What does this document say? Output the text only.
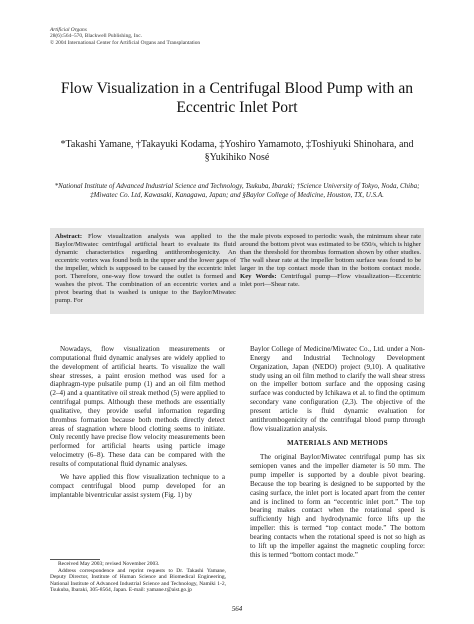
Artificial Organs
28(6):564–570, Blackwell Publishing, Inc.
© 2004 International Center for Artificial Organs and Transplantation
Flow Visualization in a Centrifugal Blood Pump with an Eccentric Inlet Port
*Takashi Yamane, †Takayuki Kodama, ‡Yoshiro Yamamoto, ‡Toshiyuki Shinohara, and §Yukihiko Nosé
*National Institute of Advanced Industrial Science and Technology, Tsukuba, Ibaraki; †Science University of Tokyo, Noda, Chiba; ‡Miwatec Co. Ltd, Kawasaki, Kanagawa, Japan; and §Baylor College of Medicine, Houston, TX, U.S.A.
Abstract: Flow visualization analysis was applied to the Baylor/Miwatec centrifugal artificial heart to evaluate its fluid dynamic characteristics regarding antithrombogenicity. An eccentric vortex was found both in the upper and the lower gaps of the impeller, which is supposed to be caused by the eccentric inlet port. Therefore, one-way flow toward the outlet is formed and washes the pivot. The combination of an eccentric vortex and a pivot bearing that is washed is unique to the Baylor/Miwatec pump. For
the male pivots exposed to periodic wash, the minimum shear rate around the bottom pivot was estimated to be 650/s, which is higher than the threshold for thrombus formation shown by other studies. The wall shear rate at the impeller bottom surface was found to be larger in the top contact mode than in the bottom contact mode. Key Words: Centrifugal pump—Flow visualization—Eccentric inlet port—Shear rate.

Nowadays, flow visualization measurements or computational fluid dynamic analyses are widely applied to the development of artificial hearts. To visualize the wall shear stresses, a paint erosion method was used for a diaphragm-type pulsatile pump (1) and an oil film method (2–4) and a quantitative oil streak method (5) were applied to centrifugal pumps. Although these methods are essentially qualitative, they provide useful information regarding thrombus formation because both methods directly detect areas of stagnation where blood clotting seems to initiate. Only recently have precise flow velocity measurements been performed for artificial hearts using particle image velocimetry (6–8). These data can be compared with the results of computational fluid dynamic analyses.

We have applied this flow visualization technique to a compact centrifugal blood pump developed for an implantable biventricular assist system (Fig. 1) by

Baylor College of Medicine/Miwatec Co., Ltd. under a Non-Energy and Industrial Technology Development Organization, Japan (NEDO) project (9,10). A qualitative study using an oil film method to clarify the wall shear stress on the impeller bottom surface and the opposing casing surface was conducted by Ichikawa et al. to find the optimum secondary vane configuration (2,3). The objective of the present article is fluid dynamic evaluation for antithrombogenicity of the centrifugal blood pump through flow visualization analysis.

MATERIALS AND METHODS

The original Baylor/Miwatec centrifugal pump has six semiopen vanes and the impeller diameter is 50 mm. The pump impeller is supported by a double pivot bearing. Because the top bearing is designed to be supported by the casing surface, the inlet port is located apart from the center and is inclined to form an “eccentric inlet port.” The top bearing makes contact when the rotational speed is sufficiently high and hydrodynamic force lifts up the impeller: this is termed “top contact mode.” The bottom bearing contacts when the rotational speed is not so high as to lift up the impeller against the magnetic coupling force: this is termed “bottom contact mode.”

Received May 2003; revised November 2003.

Address correspondence and reprint requests to Dr. Takashi Yamane, Deputy Director, Institute of Human Science and Biomedical Engineering, National Institute of Advanced Industrial Science and Technology, Namiki 1-2, Tsukuba, Ibaraki, 305-8564, Japan. E-mail: yamane.t@aist.go.jp

564
